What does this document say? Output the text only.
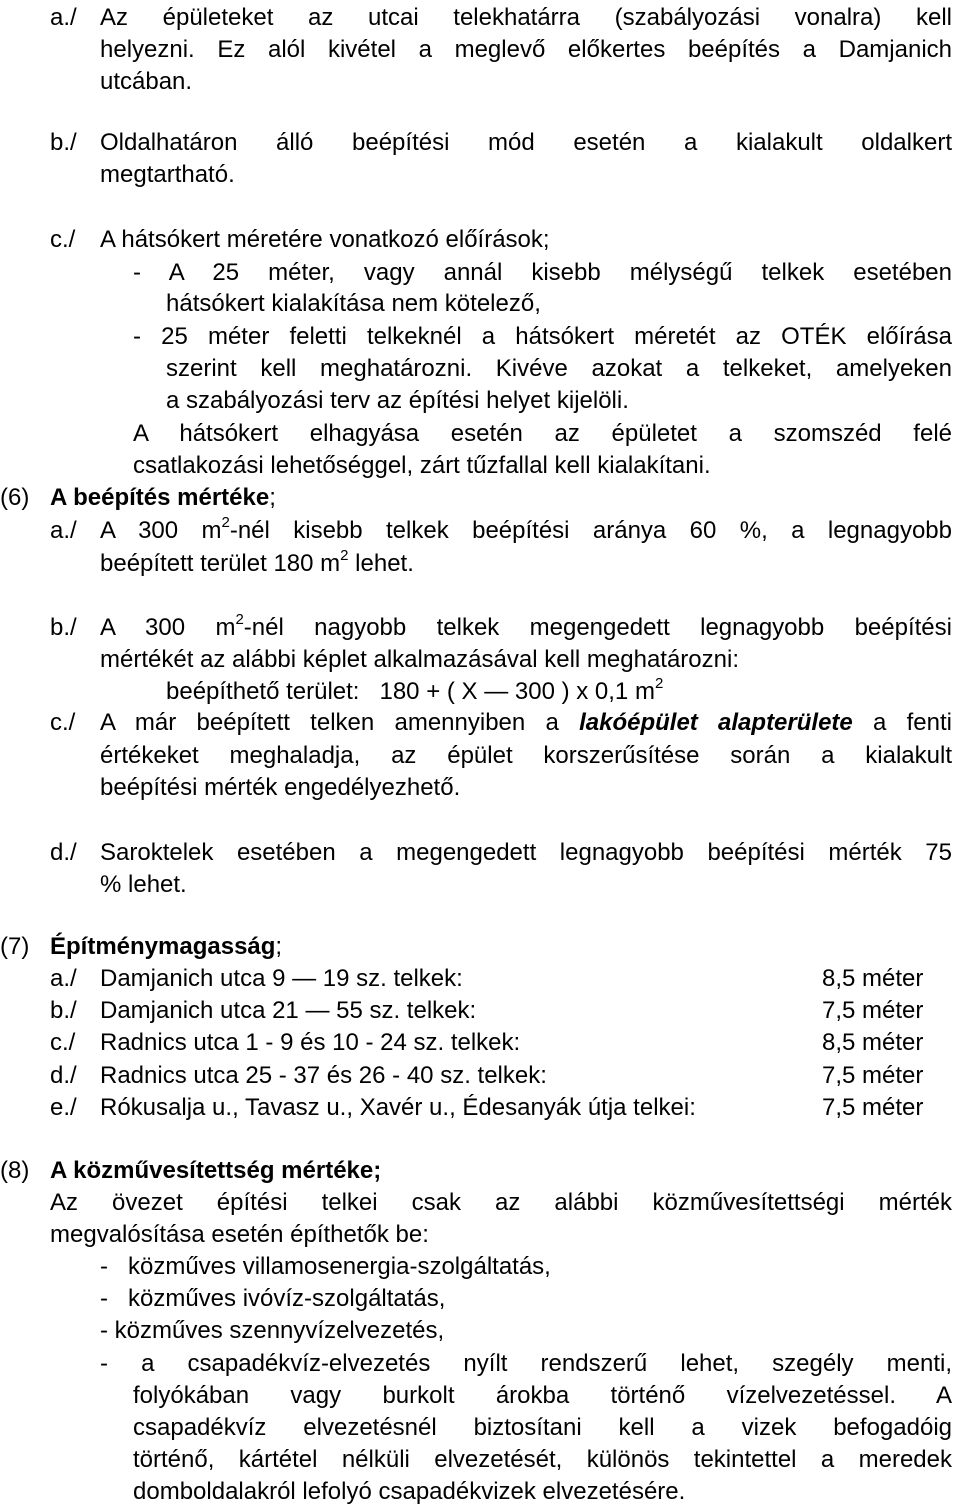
a./ Az épületeket az utcai telekhatárra (szabályozási vonalra) kell
helyezni. Ez alól kivétel a meglevő előkertes beépítés a Damjanich
utcában.
b./ Oldalhatáron álló beépítési mód esetén a kialakult oldalkert
megtartható.
c./ A hátsókert méretére vonatkozó előírások;
- A 25 méter, vagy annál kisebb mélységű telkek esetében
hátsókert kialakítása nem kötelező,
- 25 méter feletti telkeknél a hátsókert méretét az OTÉK előírása
szerint kell meghatározni. Kivéve azokat a telkeket, amelyeken
a szabályozási terv az építési helyet kijelöli.
A hátsókert elhagyása esetén az épületet a szomszéd felé
csatlakozási lehetőséggel, zárt tűzfallal kell kialakítani.
(6) A beépítés mértéke;
a./ A 300 $m^2$-nél kisebb telkek beépítési aránya 60 %, a legnagyobb
beépített terület 180 $m^2$ lehet.
b./ A 300 $m^2$-nél nagyobb telkek megengedett legnagyobb beépítési
mértékét az alábbi képlet alkalmazásával kell meghatározni:
beépíthető terület:   180 + ( X — 300 ) x 0,1 $m^2$
c./ A már beépített telken amennyiben a lakóépület alapterülete a fenti
értékeket meghaladja, az épület korszerűsítése során a kialakult
beépítési mérték engedélyezhető.
d./ Saroktelek esetében a megengedett legnagyobb beépítési mérték 75
% lehet.
(7) Építménymagasság;
a./ Damjanich utca 9 — 19 sz. telkek:	8,5 méter
b./ Damjanich utca 21 — 55 sz. telkek:	7,5 méter
c./ Radnics utca 1 - 9 és 10 - 24 sz. telkek:	8,5 méter
d./ Radnics utca 25 - 37 és 26 - 40 sz. telkek:	7,5 méter
e./ Rókusalja u., Tavasz u., Xavér u., Édesanyák útja telkei:	7,5 méter
(8) A közművesítettség mértéke;
Az övezet építési telkei csak az alábbi közművesítettségi mérték
megvalósítása esetén építhetők be:
-   közműves villamosenergia-szolgáltatás,
-   közműves ivóvíz-szolgáltatás,
- közműves szennyvízelvezetés,
- a csapadékvíz-elvezetés nyílt rendszerű lehet, szegély menti,
folyókában vagy burkolt árokba történő vízelvezetéssel. A
csapadékvíz elvezetésnél biztosítani kell a vizek befogadóig
történő, kártétel nélküli elvezetését, különös tekintettel a meredek
domboldalakról lefolyó csapadékvizek elvezetésére.
